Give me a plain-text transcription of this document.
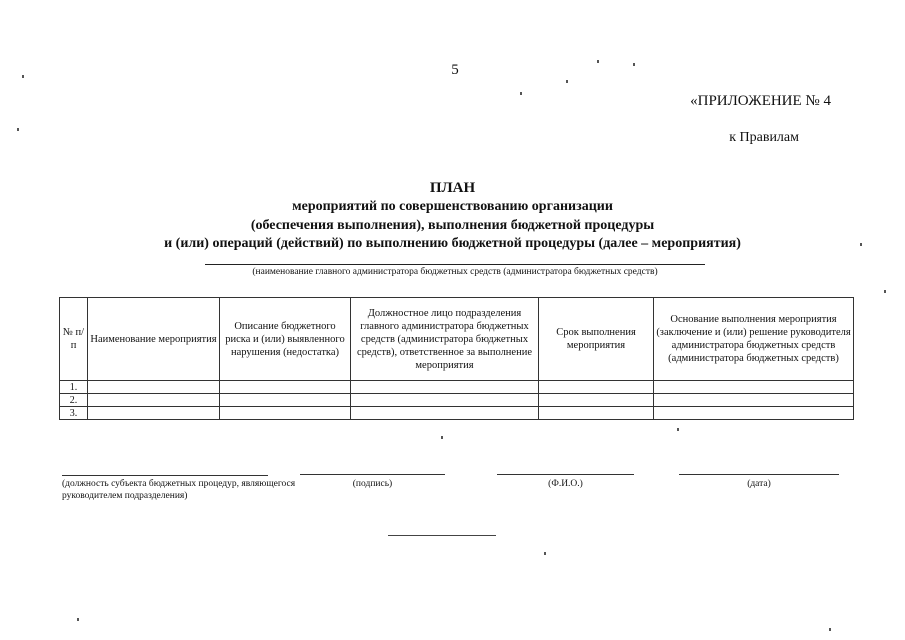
5
«ПРИЛОЖЕНИЕ № 4
к Правилам
ПЛАН
мероприятий по совершенствованию организации
(обеспечения выполнения), выполнения бюджетной процедуры
и (или) операций (действий) по выполнению бюджетной процедуры (далее – мероприятия)
(наименование главного администратора бюджетных средств (администратора бюджетных средств)
№ п/п	Наименование мероприятия	Описание бюджетного риска и (или) выявленного нарушения (недостатка)	Должностное лицо подразделения главного администратора бюджетных средств (администратора бюджетных средств), ответственное за выполнение мероприятия	Срок выполнения мероприятия	Основание выполнения мероприятия (заключение и (или) решение руководителя администратора бюджетных средств (администратора бюджетных средств)
1.					
2.					
3.					
(должность субъекта бюджетных процедур, являющегося руководителем подразделения)
(подпись)	(Ф.И.О.)	(дата)
